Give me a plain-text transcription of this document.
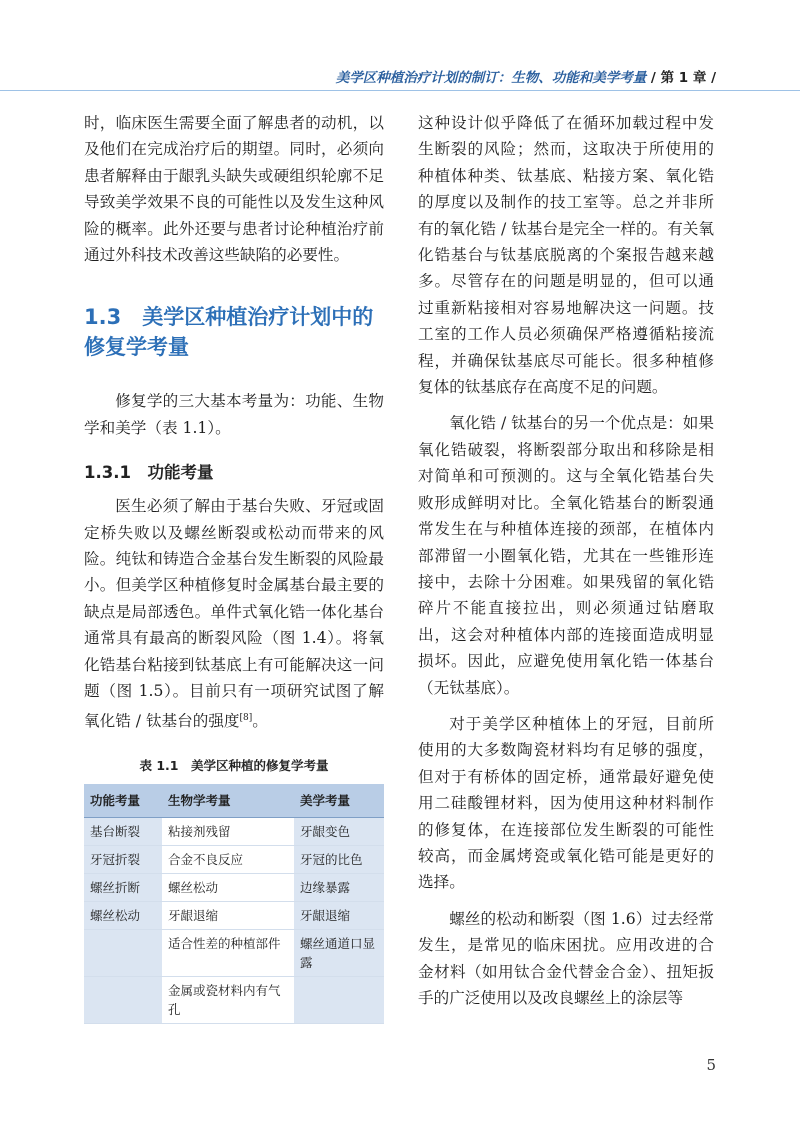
美学区种植治疗计划的制订：生物、功能和美学考量 / 第 1 章 /

时，临床医生需要全面了解患者的动机，以及他们在完成治疗后的期望。同时，必须向患者解释由于龈乳头缺失或硬组织轮廓不足导致美学效果不良的可能性以及发生这种风险的概率。此外还要与患者讨论种植治疗前通过外科技术改善这些缺陷的必要性。

1.3　美学区种植治疗计划中的修复学考量

修复学的三大基本考量为：功能、生物学和美学（表 1.1）。

1.3.1　功能考量

医生必须了解由于基台失败、牙冠或固定桥失败以及螺丝断裂或松动而带来的风险。纯钛和铸造合金基台发生断裂的风险最小。但美学区种植修复时金属基台最主要的缺点是局部透色。单件式氧化锆一体化基台通常具有最高的断裂风险（图 1.4）。将氧化锆基台粘接到钛基底上有可能解决这一问题（图 1.5）。目前只有一项研究试图了解氧化锆 / 钛基台的强度[8]。

表 1.1　美学区种植的修复学考量
功能考量	生物学考量	美学考量
基台断裂	粘接剂残留	牙龈变色
牙冠折裂	合金不良反应	牙冠的比色
螺丝折断	螺丝松动	边缘暴露
螺丝松动	牙龈退缩	牙龈退缩
	适合性差的种植部件	螺丝通道口显露
	金属或瓷材料内有气孔	

这种设计似乎降低了在循环加载过程中发生断裂的风险；然而，这取决于所使用的种植体种类、钛基底、粘接方案、氧化锆的厚度以及制作的技工室等。总之并非所有的氧化锆 / 钛基台是完全一样的。有关氧化锆基台与钛基底脱离的个案报告越来越多。尽管存在的问题是明显的，但可以通过重新粘接相对容易地解决这一问题。技工室的工作人员必须确保严格遵循粘接流程，并确保钛基底尽可能长。很多种植修复体的钛基底存在高度不足的问题。

氧化锆 / 钛基台的另一个优点是：如果氧化锆破裂，将断裂部分取出和移除是相对简单和可预测的。这与全氧化锆基台失败形成鲜明对比。全氧化锆基台的断裂通常发生在与种植体连接的颈部，在植体内部滞留一小圈氧化锆，尤其在一些锥形连接中，去除十分困难。如果残留的氧化锆碎片不能直接拉出，则必须通过钻磨取出，这会对种植体内部的连接面造成明显损坏。因此，应避免使用氧化锆一体基台（无钛基底）。

对于美学区种植体上的牙冠，目前所使用的大多数陶瓷材料均有足够的强度，但对于有桥体的固定桥，通常最好避免使用二硅酸锂材料，因为使用这种材料制作的修复体，在连接部位发生断裂的可能性较高，而金属烤瓷或氧化锆可能是更好的选择。

螺丝的松动和断裂（图 1.6）过去经常发生，是常见的临床困扰。应用改进的合金材料（如用钛合金代替金合金）、扭矩扳手的广泛使用以及改良螺丝上的涂层等

5
